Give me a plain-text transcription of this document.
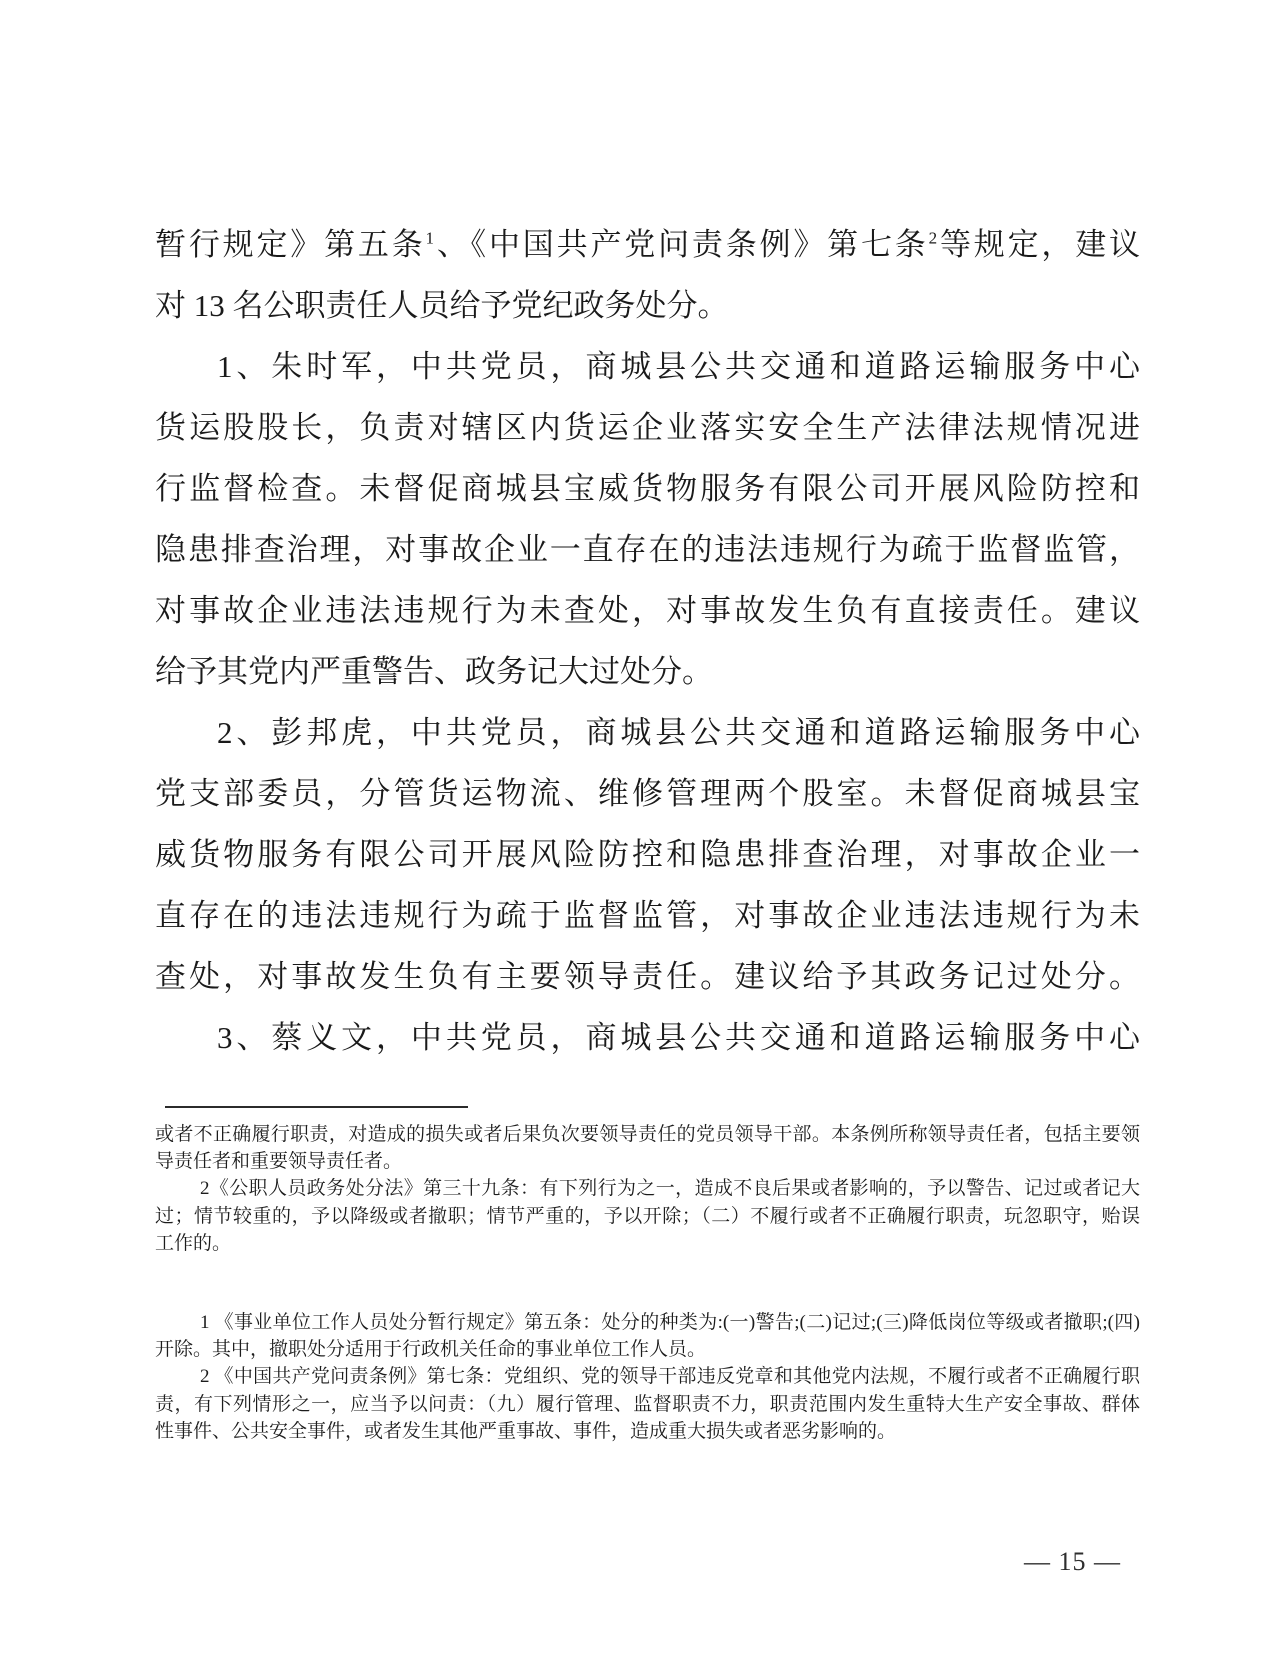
暂行规定》第五条$^1$、《中国共产党问责条例》第七条$^2$等规定，建议
对 13 名公职责任人员给予党纪政务处分。
1、朱时军，中共党员，商城县公共交通和道路运输服务中心
货运股股长，负责对辖区内货运企业落实安全生产法律法规情况进
行监督检查。未督促商城县宝威货物服务有限公司开展风险防控和
隐患排查治理，对事故企业一直存在的违法违规行为疏于监督监管，
对事故企业违法违规行为未查处，对事故发生负有直接责任。建议
给予其党内严重警告、政务记大过处分。
2、彭邦虎，中共党员，商城县公共交通和道路运输服务中心
党支部委员，分管货运物流、维修管理两个股室。未督促商城县宝
威货物服务有限公司开展风险防控和隐患排查治理，对事故企业一
直存在的违法违规行为疏于监督监管，对事故企业违法违规行为未
查处，对事故发生负有主要领导责任。建议给予其政务记过处分。
3、蔡义文，中共党员，商城县公共交通和道路运输服务中心
或者不正确履行职责，对造成的损失或者后果负次要领导责任的党员领导干部。本条例所称领导责任者，包括主要领
导责任者和重要领导责任者。
2《公职人员政务处分法》第三十九条：有下列行为之一，造成不良后果或者影响的，予以警告、记过或者记大
过；情节较重的，予以降级或者撤职；情节严重的，予以开除；（二）不履行或者不正确履行职责，玩忽职守，贻误
工作的。
1 《事业单位工作人员处分暂行规定》第五条：处分的种类为:(一)警告;(二)记过;(三)降低岗位等级或者撤职;(四)
开除。其中，撤职处分适用于行政机关任命的事业单位工作人员。
2 《中国共产党问责条例》第七条：党组织、党的领导干部违反党章和其他党内法规，不履行或者不正确履行职
责，有下列情形之一，应当予以问责：（九）履行管理、监督职责不力，职责范围内发生重特大生产安全事故、群体
性事件、公共安全事件，或者发生其他严重事故、事件，造成重大损失或者恶劣影响的。
— 15 —
